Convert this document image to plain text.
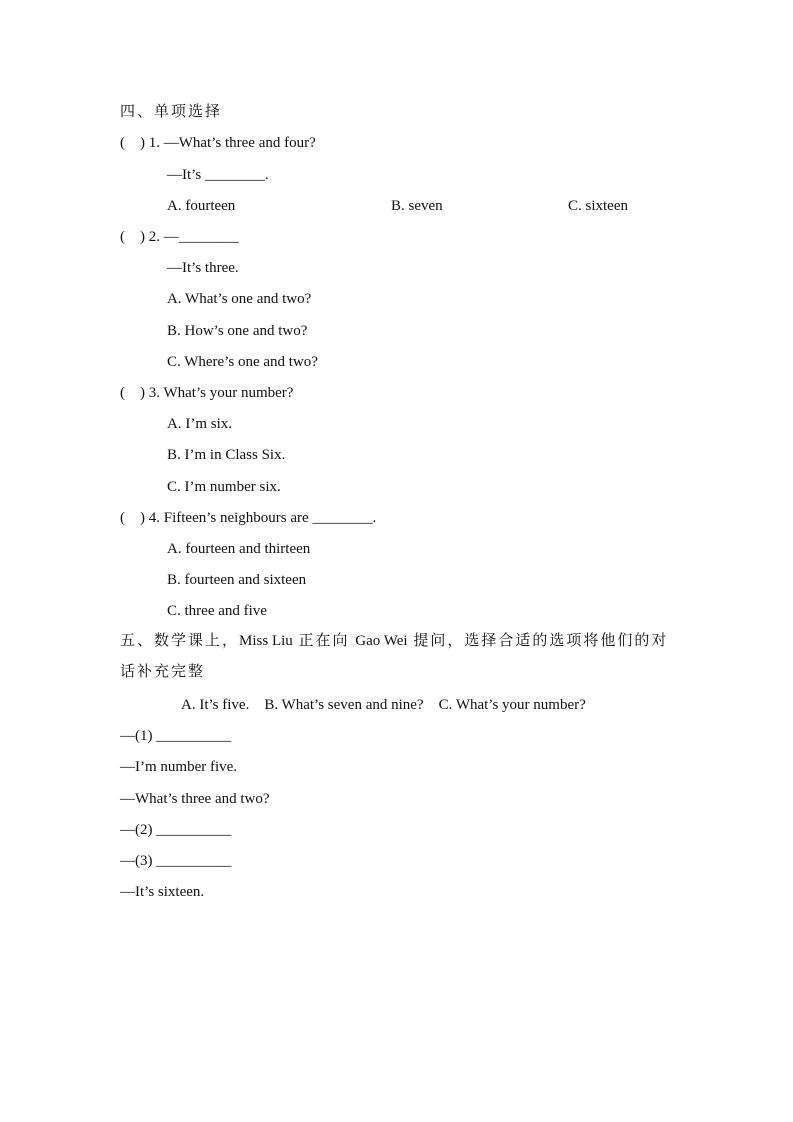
四、单项选择
(    ) 1. —What’s three and four?
—It’s ________.
A. fourteen	B. seven	C. sixteen
(    ) 2. —________
—It’s three.
A. What’s one and two?
B. How’s one and two?
C. Where’s one and two?
(    ) 3. What’s your number?
A. I’m six.
B. I’m in Class Six.
C. I’m number six.
(    ) 4. Fifteen’s neighbours are ________.
A. fourteen and thirteen
B. fourteen and sixteen
C. three and five
五、数学课上，Miss Liu 正在向 Gao Wei 提问，选择合适的选项将他们的对话补充完整
A. It’s five.    B. What’s seven and nine?    C. What’s your number?
—(1) __________
—I’m number five.
—What’s three and two?
—(2) __________
—(3) __________
—It’s sixteen.
